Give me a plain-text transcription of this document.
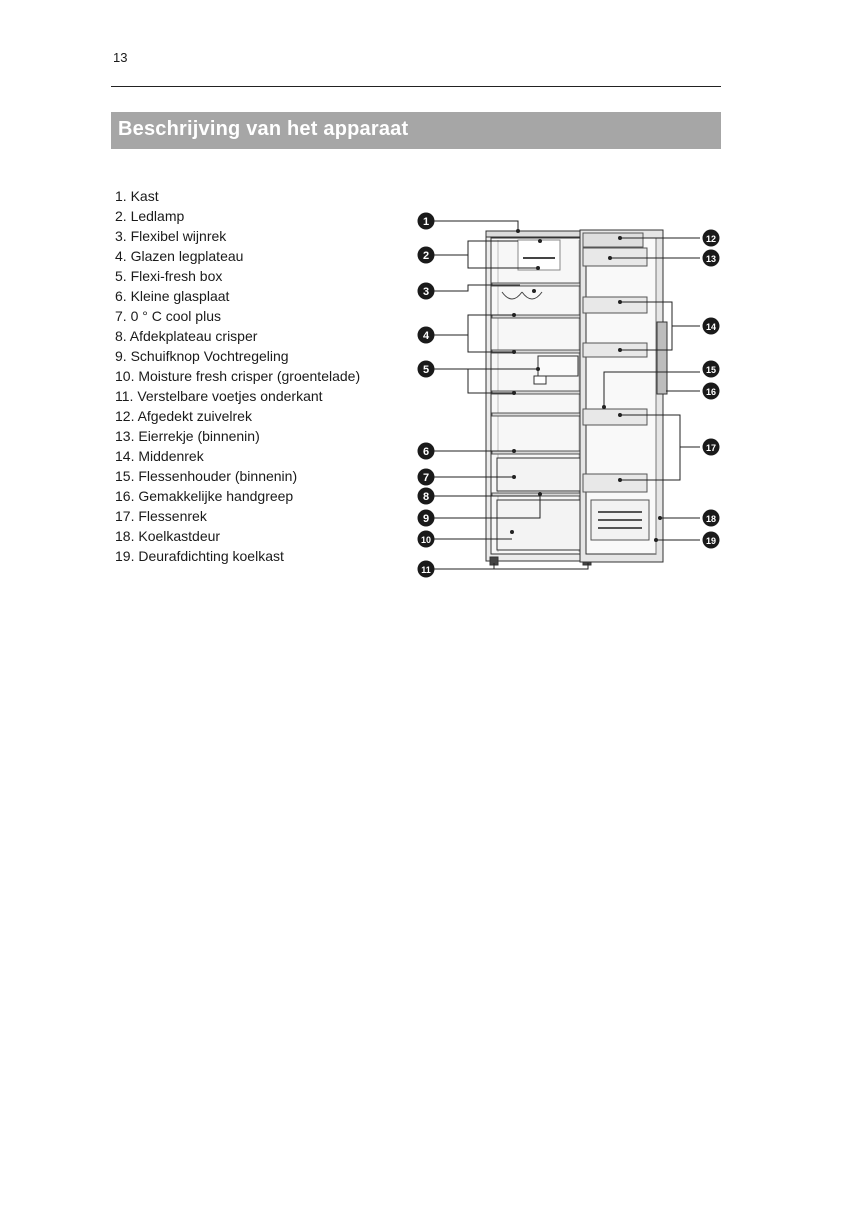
13
Beschrijving van het apparaat
1. Kast
2. Ledlamp
3. Flexibel wijnrek
4. Glazen legplateau
5. Flexi-fresh box
6. Kleine glasplaat
7. 0 ° C cool plus
8. Afdekplateau crisper
9. Schuifknop Vochtregeling
10. Moisture fresh crisper (groentelade)
11. Verstelbare voetjes onderkant
12. Afgedekt zuivelrek
13. Eierrekje (binnenin)
14. Middenrek
15. Flessenhouder (binnenin)
16. Gemakkelijke handgreep
17. Flessenrek
18. Koelkastdeur
19. Deurafdichting koelkast
1
2
3
4
5
6
7
8
9
10
11
12
13
14
15
16
17
18
19
